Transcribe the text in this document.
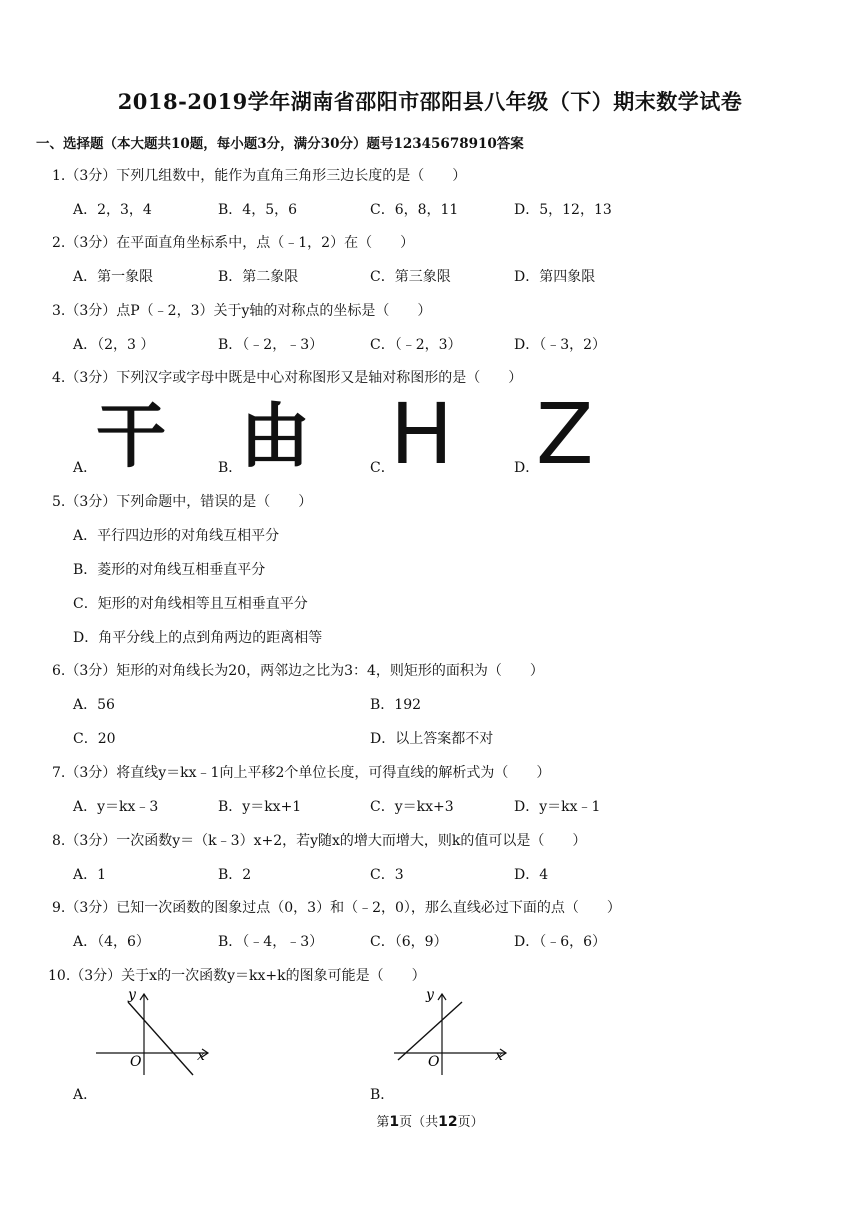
2018-2019学年湖南省邵阳市邵阳县八年级（下）期末数学试卷
一、选择题（本大题共10题，每小题3分，满分30分）题号12345678910答案
1.（3分）下列几组数中，能作为直角三角形三边长度的是（　　）
A．2，3，4	B．4，5，6	C．6，8，11	D．5，12，13
2.（3分）在平面直角坐标系中，点（﹣1，2）在（　　）
A．第一象限	B．第二象限	C．第三象限	D．第四象限
3.（3分）点P（﹣2，3）关于y轴的对称点的坐标是（　　）
A．（2，3 ）	B．（﹣2，﹣3）	C．（﹣2，3）	D．（﹣3，2）
4.（3分）下列汉字或字母中既是中心对称图形又是轴对称图形的是（　　）
A．
干	B．
由	C．
H	D．
Z
5.（3分）下列命题中，错误的是（　　）
A．平行四边形的对角线互相平分
B．菱形的对角线互相垂直平分
C．矩形的对角线相等且互相垂直平分
D．角平分线上的点到角两边的距离相等
6.（3分）矩形的对角线长为20，两邻边之比为3：4，则矩形的面积为（　　）
A．56	B．192
C．20	D．以上答案都不对
7.（3分）将直线y＝kx﹣1向上平移2个单位长度，可得直线的解析式为（　　）
A．y＝kx﹣3	B．y＝kx+1	C．y＝kx+3	D．y＝kx﹣1
8.（3分）一次函数y＝（k﹣3）x+2，若y随x的增大而增大，则k的值可以是（　　）
A．1	B．2	C．3	D．4
9.（3分）已知一次函数的图象过点（0，3）和（﹣2，0），那么直线必过下面的点（　　）
A．（4，6）	B．（﹣4，﹣3）	C．（6，9）	D．（﹣6，6）
10.（3分）关于x的一次函数y＝kx+k的图象可能是（　　）
y
x
O
A．
y
x
O
B．
第1页（共12页）
